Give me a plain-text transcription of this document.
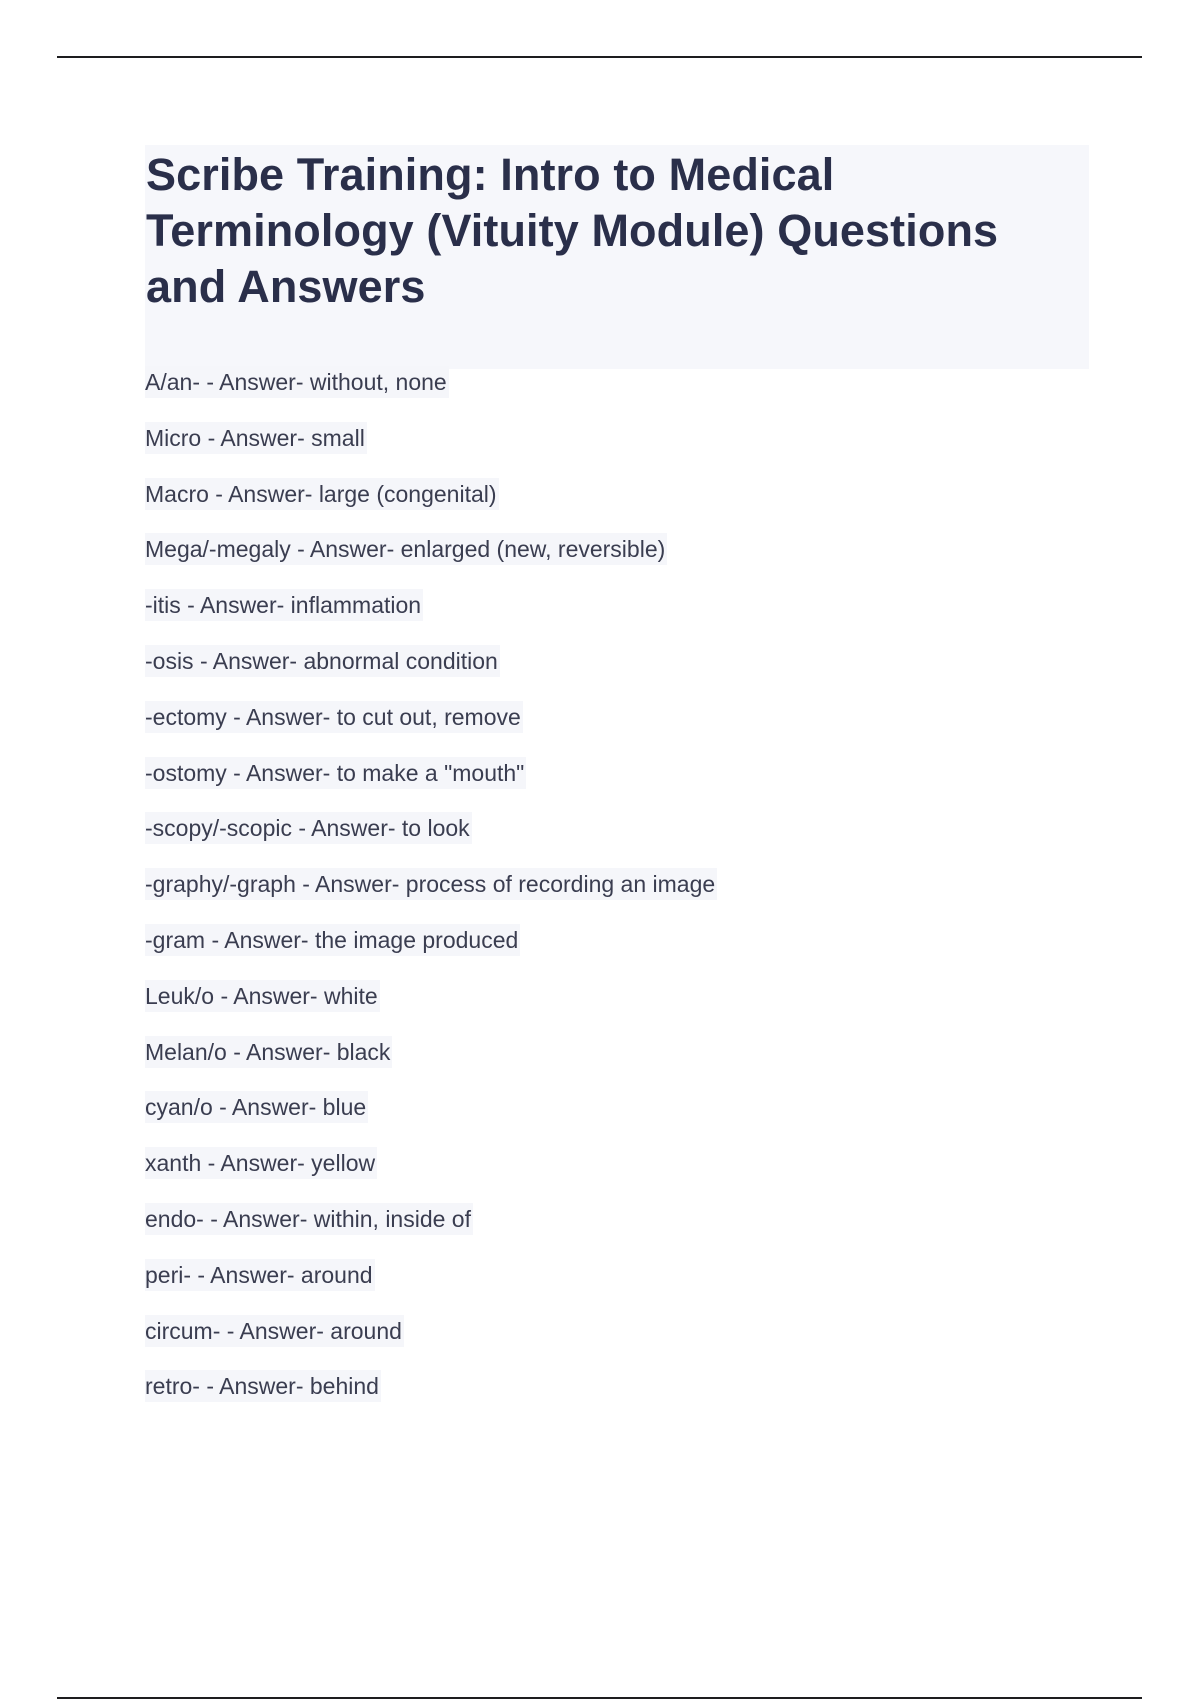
Scribe Training: Intro to Medical Terminology (Vituity Module) Questions and Answers
A/an- - Answer- without, none
Micro - Answer- small
Macro - Answer- large (congenital)
Mega/-megaly - Answer- enlarged (new, reversible)
-itis - Answer- inflammation
-osis - Answer- abnormal condition
-ectomy - Answer- to cut out, remove
-ostomy - Answer- to make a "mouth"
-scopy/-scopic - Answer- to look
-graphy/-graph - Answer- process of recording an image
-gram - Answer- the image produced
Leuk/o - Answer- white
Melan/o - Answer- black
cyan/o - Answer- blue
xanth - Answer- yellow
endo- - Answer- within, inside of
peri- - Answer- around
circum- - Answer- around
retro- - Answer- behind
